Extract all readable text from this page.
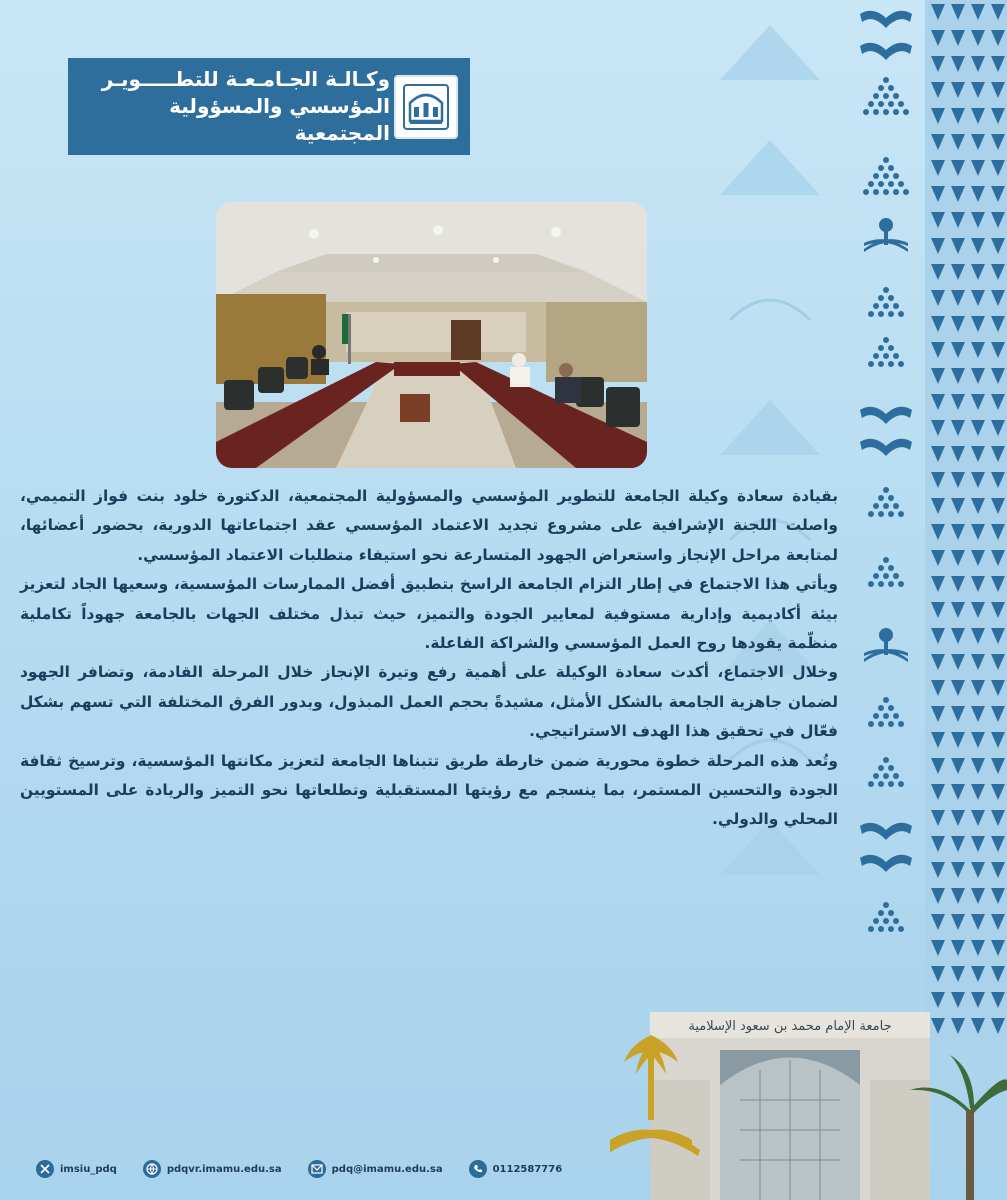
وكـالـة الجـامـعـة للتطـــــويـر
المؤسسي والمسؤولية المجتمعية

بقيادة سعادة وكيلة الجامعة للتطوير المؤسسي والمسؤولية المجتمعية، الدكتورة خلود بنت فواز التميمي، واصلت اللجنة الإشرافية على مشروع تجديد الاعتماد المؤسسي عقد اجتماعاتها الدورية، بحضور أعضائها، لمتابعة مراحل الإنجاز واستعراض الجهود المتسارعة نحو استيفاء متطلبات الاعتماد المؤسسي.

ويأتي هذا الاجتماع في إطار التزام الجامعة الراسخ بتطبيق أفضل الممارسات المؤسسية، وسعيها الجاد لتعزيز بيئة أكاديمية وإدارية مستوفية لمعايير الجودة والتميز، حيث تبذل مختلف الجهات بالجامعة جهوداً تكاملية منظّمة يقودها روح العمل المؤسسي والشراكة الفاعلة.

وخلال الاجتماع، أكدت سعادة الوكيلة على أهمية رفع وتيرة الإنجاز خلال المرحلة القادمة، وتضافر الجهود لضمان جاهزية الجامعة بالشكل الأمثل، مشيدةً بحجم العمل المبذول، وبدور الفرق المختلفة التي تسهم بشكل فعّال في تحقيق هذا الهدف الاستراتيجي.

وتُعد هذه المرحلة خطوة محورية ضمن خارطة طريق تتبناها الجامعة لتعزيز مكانتها المؤسسية، وترسيخ ثقافة الجودة والتحسين المستمر، بما ينسجم مع رؤيتها المستقبلية وتطلعاتها نحو التميز والريادة على المستويين المحلي والدولي.

جامعة الإمام محمد بن سعود الإسلامية
imsiu_pdq	pdqvr.imamu.edu.sa	pdq@imamu.edu.sa	0112587776
